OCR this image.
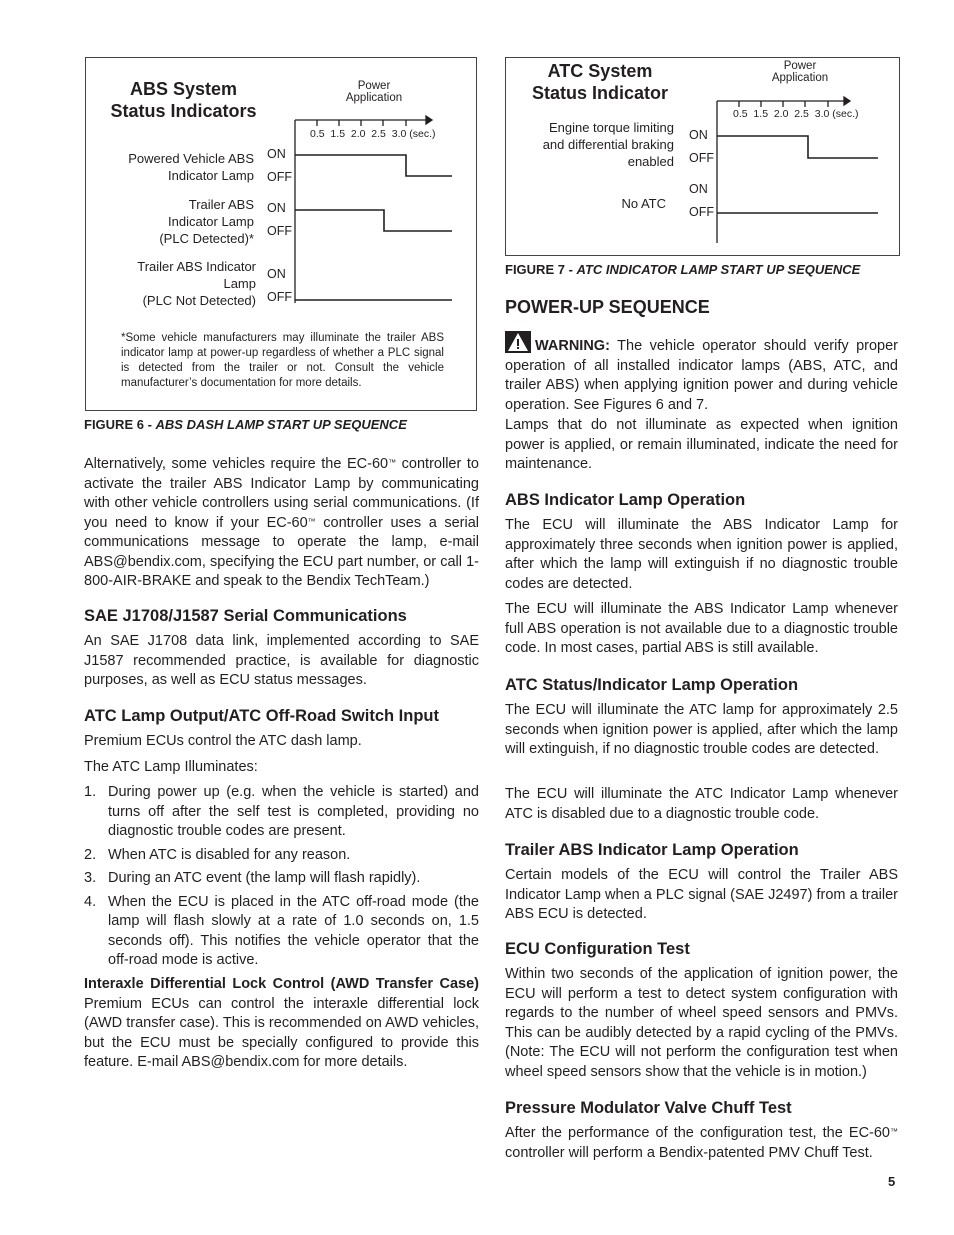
ABS System
Status Indicators
Power
Application
0.5  1.5  2.0  2.5  3.0 (sec.)
Powered Vehicle ABS
Indicator Lamp
Trailer ABS
Indicator Lamp
(PLC Detected)*
Trailer ABS Indicator
Lamp
(PLC Not Detected)
ON
OFF
ON
OFF
ON
OFF
*Some vehicle manufacturers may illuminate the trailer ABS indicator lamp at power-up regardless of whether a PLC signal is detected from the trailer or not. Consult the vehicle manufacturer’s documentation for more details.
FIGURE 6 - ABS DASH LAMP START UP SEQUENCE
ATC System
Status Indicator
Power
Application
0.5  1.5  2.0  2.5  3.0 (sec.)
Engine torque limiting
and differential braking
enabled
No ATC
ON
OFF
ON
OFF
FIGURE 7 - ATC INDICATOR LAMP START UP SEQUENCE
Alternatively, some vehicles require the EC-60™ controller to activate the trailer ABS Indicator Lamp by communicating with other vehicle controllers using serial communications. (If you need to know if your EC-60™ controller uses a serial communications message to operate the lamp, e-mail ABS@bendix.com, specifying the ECU part number, or call 1-800-AIR-BRAKE and speak to the Bendix TechTeam.)
SAE J1708/J1587 Serial Communications
An SAE J1708 data link, implemented according to SAE J1587 recommended practice, is available for diagnostic purposes, as well as ECU status messages.
ATC Lamp Output/ATC Off-Road Switch Input
Premium ECUs control the ATC dash lamp.
The ATC Lamp Illuminates:
1. During power up (e.g. when the vehicle is started) and turns off after the self test is completed, providing no diagnostic trouble codes are present.
2. When ATC is disabled for any reason.
3. During an ATC event (the lamp will flash rapidly).
4. When the ECU is placed in the ATC off-road mode (the lamp will flash slowly at a rate of 1.0 seconds on, 1.5 seconds off). This notifies the vehicle operator that the off-road mode is active.
Interaxle Differential Lock Control (AWD Transfer Case) Premium ECUs can control the interaxle differential lock (AWD transfer case). This is recommended on AWD vehicles, but the ECU must be specially configured to provide this feature. E-mail ABS@bendix.com for more details.
POWER-UP SEQUENCE
WARNING: The vehicle operator should verify proper operation of all installed indicator lamps (ABS, ATC, and trailer ABS) when applying ignition power and during vehicle operation. See Figures 6 and 7.
Lamps that do not illuminate as expected when ignition power is applied, or remain illuminated, indicate the need for maintenance.
ABS Indicator Lamp Operation
The ECU will illuminate the ABS Indicator Lamp for approximately three seconds when ignition power is applied, after which the lamp will extinguish if no diagnostic trouble codes are detected.
The ECU will illuminate the ABS Indicator Lamp whenever full ABS operation is not available due to a diagnostic trouble code. In most cases, partial ABS is still available.
ATC Status/Indicator Lamp Operation
The ECU will illuminate the ATC lamp for approximately 2.5 seconds when ignition power is applied, after which the lamp will extinguish, if no diagnostic trouble codes are detected.
The ECU will illuminate the ATC Indicator Lamp whenever ATC is disabled due to a diagnostic trouble code.
Trailer ABS Indicator Lamp Operation
Certain models of the ECU will control the Trailer ABS Indicator Lamp when a PLC signal (SAE J2497) from a trailer ABS ECU is detected.
ECU Configuration Test
Within two seconds of the application of ignition power, the ECU will perform a test to detect system configuration with regards to the number of wheel speed sensors and PMVs. This can be audibly detected by a rapid cycling of the PMVs. (Note: The ECU will not perform the configuration test when wheel speed sensors show that the vehicle is in motion.)
Pressure Modulator Valve Chuff Test
After the performance of the configuration test, the EC-60™ controller will perform a Bendix-patented PMV Chuff Test.
5
